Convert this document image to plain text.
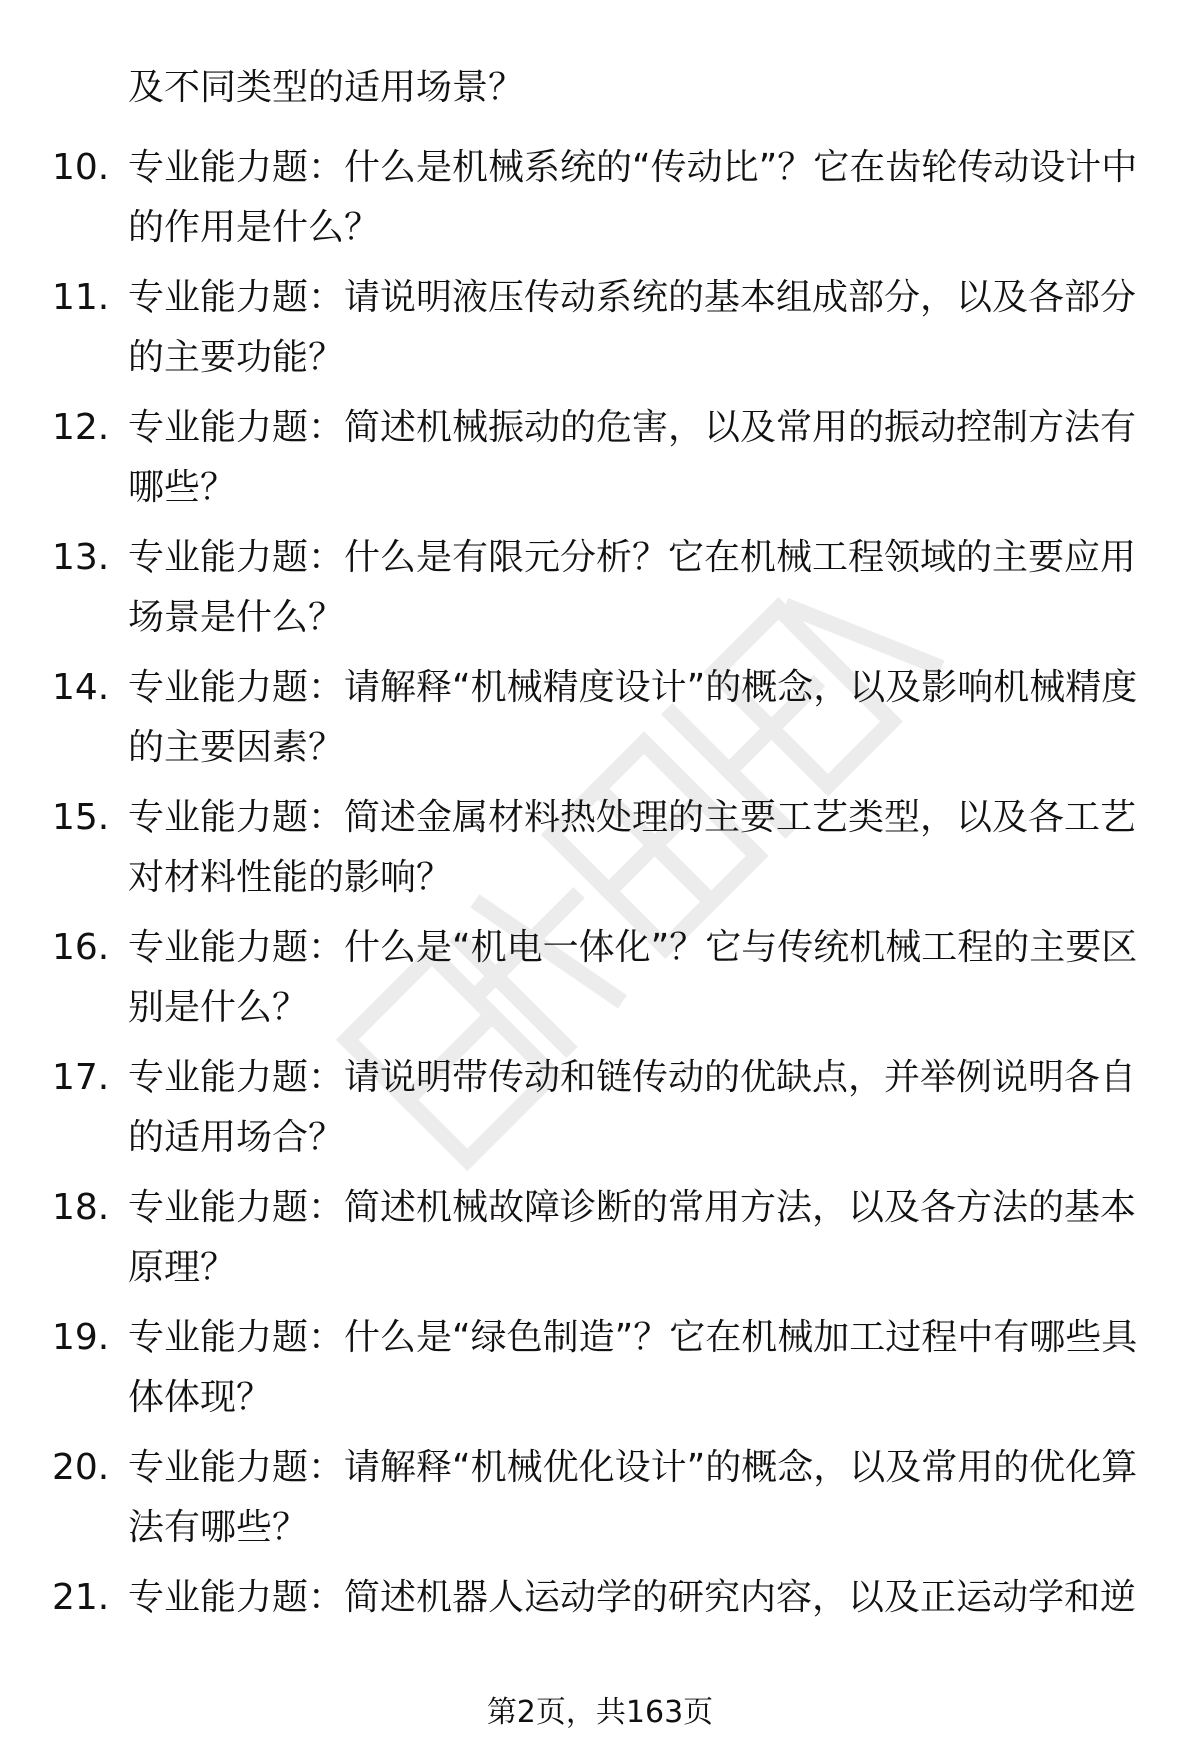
及不同类型的适用场景？

10. 专业能力题：什么是机械系统的“传动比”？它在齿轮传动设计中的作用是什么？

11. 专业能力题：请说明液压传动系统的基本组成部分，以及各部分的主要功能？

12. 专业能力题：简述机械振动的危害，以及常用的振动控制方法有哪些？

13. 专业能力题：什么是有限元分析？它在机械工程领域的主要应用场景是什么？

14. 专业能力题：请解释“机械精度设计”的概念，以及影响机械精度的主要因素？

15. 专业能力题：简述金属材料热处理的主要工艺类型，以及各工艺对材料性能的影响？

16. 专业能力题：什么是“机电一体化”？它与传统机械工程的主要区别是什么？

17. 专业能力题：请说明带传动和链传动的优缺点，并举例说明各自的适用场合？

18. 专业能力题：简述机械故障诊断的常用方法，以及各方法的基本原理？

19. 专业能力题：什么是“绿色制造”？它在机械加工过程中有哪些具体体现？

20. 专业能力题：请解释“机械优化设计”的概念，以及常用的优化算法有哪些？

21. 专业能力题：简述机器人运动学的研究内容，以及正运动学和逆

第2页，共163页
